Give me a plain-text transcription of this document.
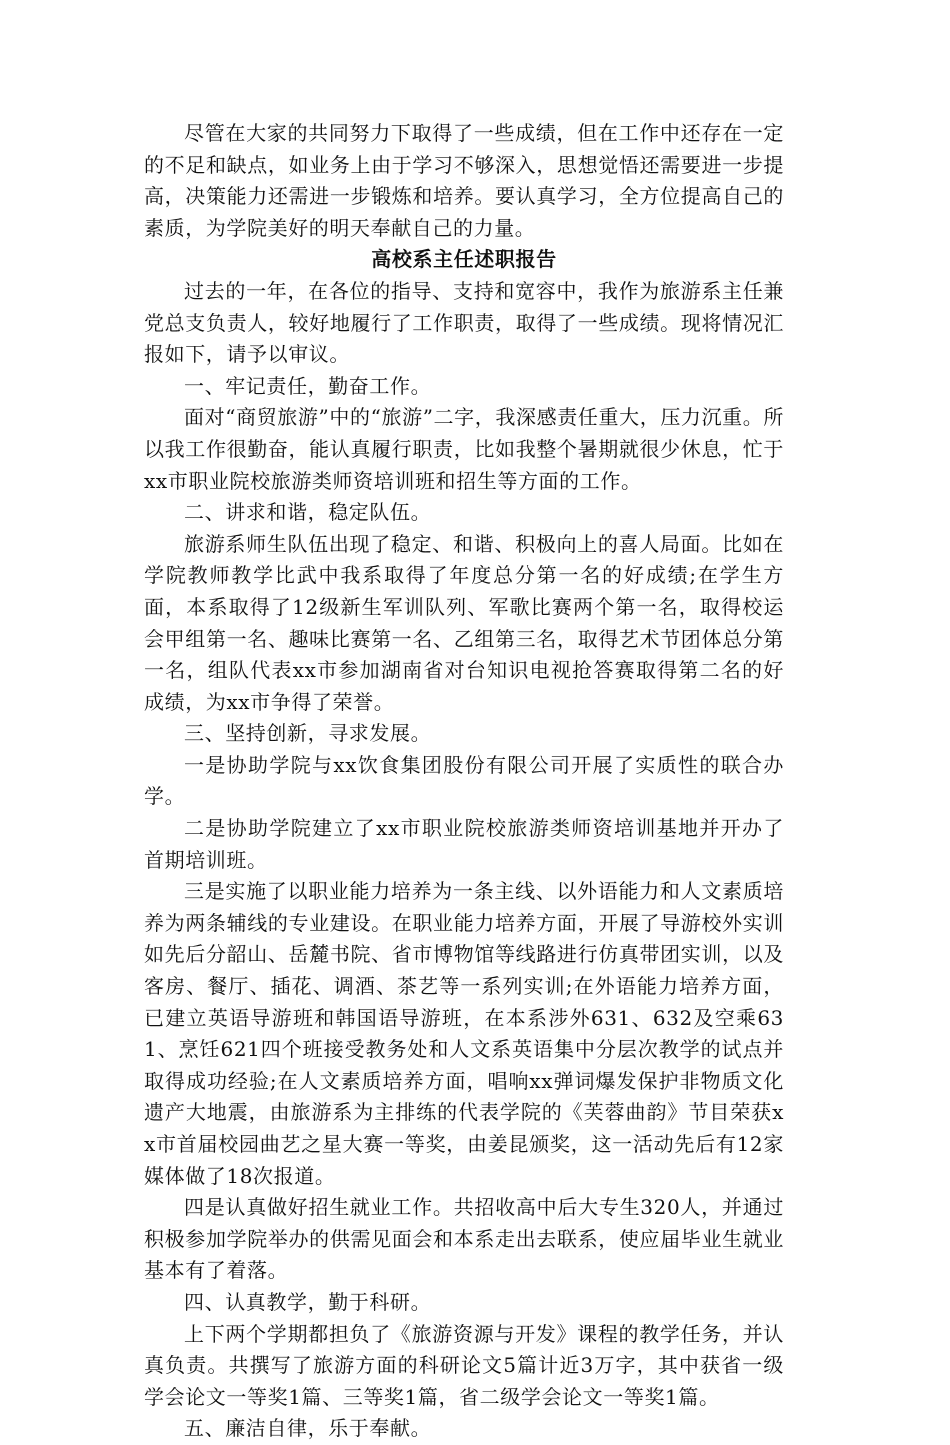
尽管在大家的共同努力下取得了一些成绩，但在工作中还存在一定的不足和缺点，如业务上由于学习不够深入，思想觉悟还需要进一步提高，决策能力还需进一步锻炼和培养。要认真学习，全方位提高自己的素质，为学院美好的明天奉献自己的力量。

高校系主任述职报告

过去的一年，在各位的指导、支持和宽容中，我作为旅游系主任兼党总支负责人，较好地履行了工作职责，取得了一些成绩。现将情况汇报如下，请予以审议。

一、牢记责任，勤奋工作。

面对“商贸旅游”中的“旅游”二字，我深感责任重大，压力沉重。所以我工作很勤奋，能认真履行职责，比如我整个暑期就很少休息，忙于xx市职业院校旅游类师资培训班和招生等方面的工作。

二、讲求和谐，稳定队伍。

旅游系师生队伍出现了稳定、和谐、积极向上的喜人局面。比如在学院教师教学比武中我系取得了年度总分第一名的好成绩;在学生方面，本系取得了12级新生军训队列、军歌比赛两个第一名，取得校运会甲组第一名、趣味比赛第一名、乙组第三名，取得艺术节团体总分第一名，组队代表xx市参加湖南省对台知识电视抢答赛取得第二名的好成绩，为xx市争得了荣誉。

三、坚持创新，寻求发展。

一是协助学院与xx饮食集团股份有限公司开展了实质性的联合办学。

二是协助学院建立了xx市职业院校旅游类师资培训基地并开办了首期培训班。

三是实施了以职业能力培养为一条主线、以外语能力和人文素质培养为两条辅线的专业建设。在职业能力培养方面，开展了导游校外实训如先后分韶山、岳麓书院、省市博物馆等线路进行仿真带团实训，以及客房、餐厅、插花、调酒、茶艺等一系列实训;在外语能力培养方面，已建立英语导游班和韩国语导游班，在本系涉外631、632及空乘631、烹饪621四个班接受教务处和人文系英语集中分层次教学的试点并取得成功经验;在人文素质培养方面，唱响xx弹词爆发保护非物质文化遗产大地震，由旅游系为主排练的代表学院的《芙蓉曲韵》节目荣获xx市首届校园曲艺之星大赛一等奖，由姜昆颁奖，这一活动先后有12家媒体做了18次报道。

四是认真做好招生就业工作。共招收高中后大专生320人，并通过积极参加学院举办的供需见面会和本系走出去联系，使应届毕业生就业基本有了着落。

四、认真教学，勤于科研。

上下两个学期都担负了《旅游资源与开发》课程的教学任务，并认真负责。共撰写了旅游方面的科研论文5篇计近3万字，其中获省一级学会论文一等奖1篇、三等奖1篇，省二级学会论文一等奖1篇。

五、廉洁自律，乐于奉献。
